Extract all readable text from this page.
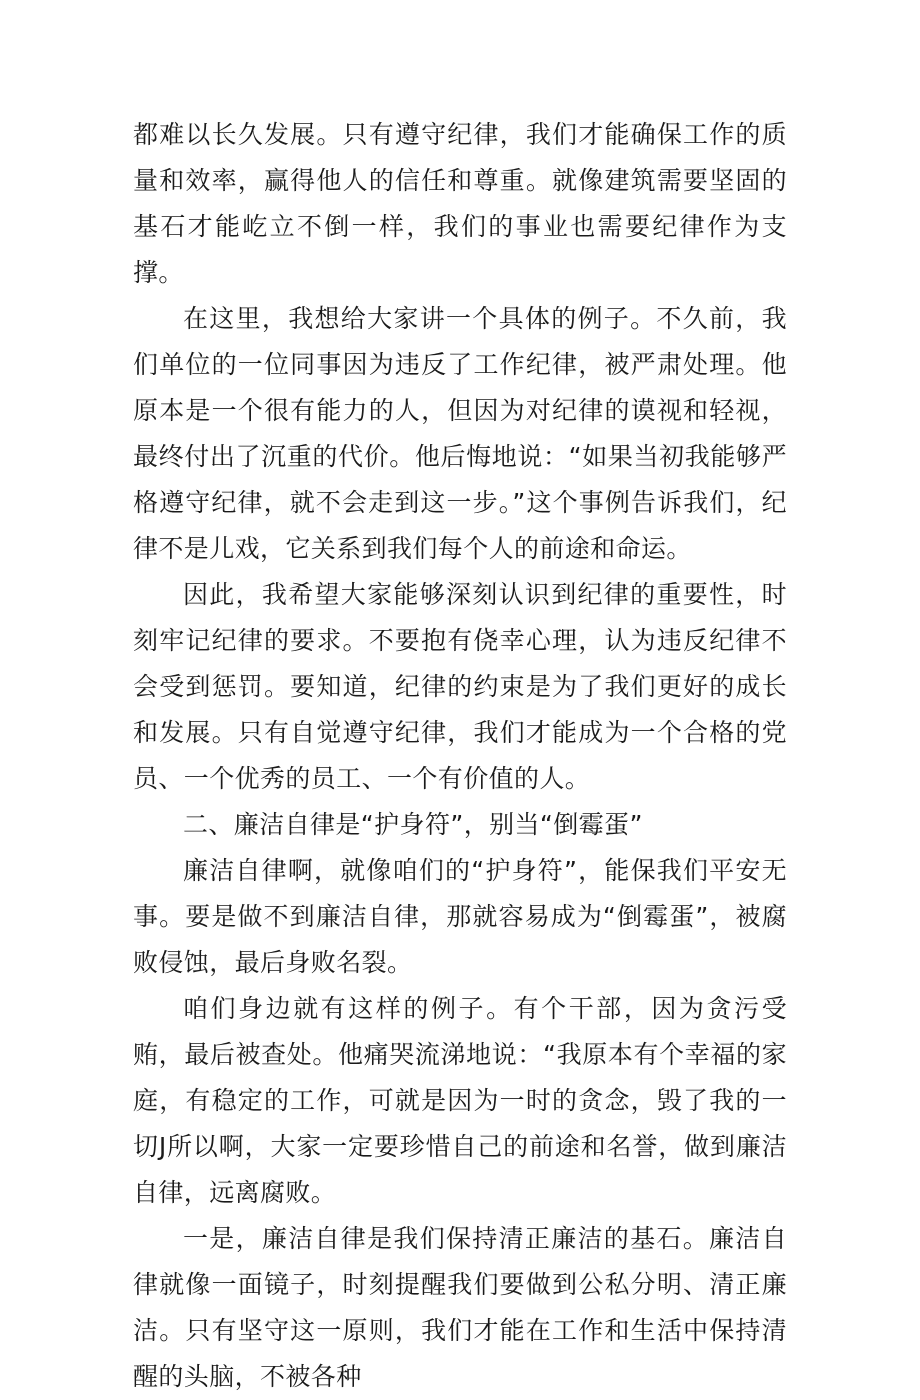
都难以长久发展。只有遵守纪律，我们才能确保工作的质量和效率，赢得他人的信任和尊重。就像建筑需要坚固的基石才能屹立不倒一样，我们的事业也需要纪律作为支撑。

在这里，我想给大家讲一个具体的例子。不久前，我们单位的一位同事因为违反了工作纪律，被严肃处理。他原本是一个很有能力的人，但因为对纪律的谟视和轻视，最终付出了沉重的代价。他后悔地说：“如果当初我能够严格遵守纪律，就不会走到这一步。”这个事例告诉我们，纪律不是儿戏，它关系到我们每个人的前途和命运。

因此，我希望大家能够深刻认识到纪律的重要性，时刻牢记纪律的要求。不要抱有侥幸心理，认为违反纪律不会受到惩罚。要知道，纪律的约束是为了我们更好的成长和发展。只有自觉遵守纪律，我们才能成为一个合格的党员、一个优秀的员工、一个有价值的人。

二、廉洁自律是“护身符”，别当“倒霉蛋”

廉洁自律啊，就像咱们的“护身符”，能保我们平安无事。要是做不到廉洁自律，那就容易成为“倒霉蛋”，被腐败侵蚀，最后身败名裂。

咱们身边就有这样的例子。有个干部，因为贪污受贿，最后被查处。他痛哭流涕地说：“我原本有个幸福的家庭，有稳定的工作，可就是因为一时的贪念，毁了我的一切J所以啊，大家一定要珍惜自己的前途和名誉，做到廉洁自律，远离腐败。

一是，廉洁自律是我们保持清正廉洁的基石。廉洁自律就像一面镜子，时刻提醒我们要做到公私分明、清正廉洁。只有坚守这一原则，我们才能在工作和生活中保持清醒的头脑，不被各种
